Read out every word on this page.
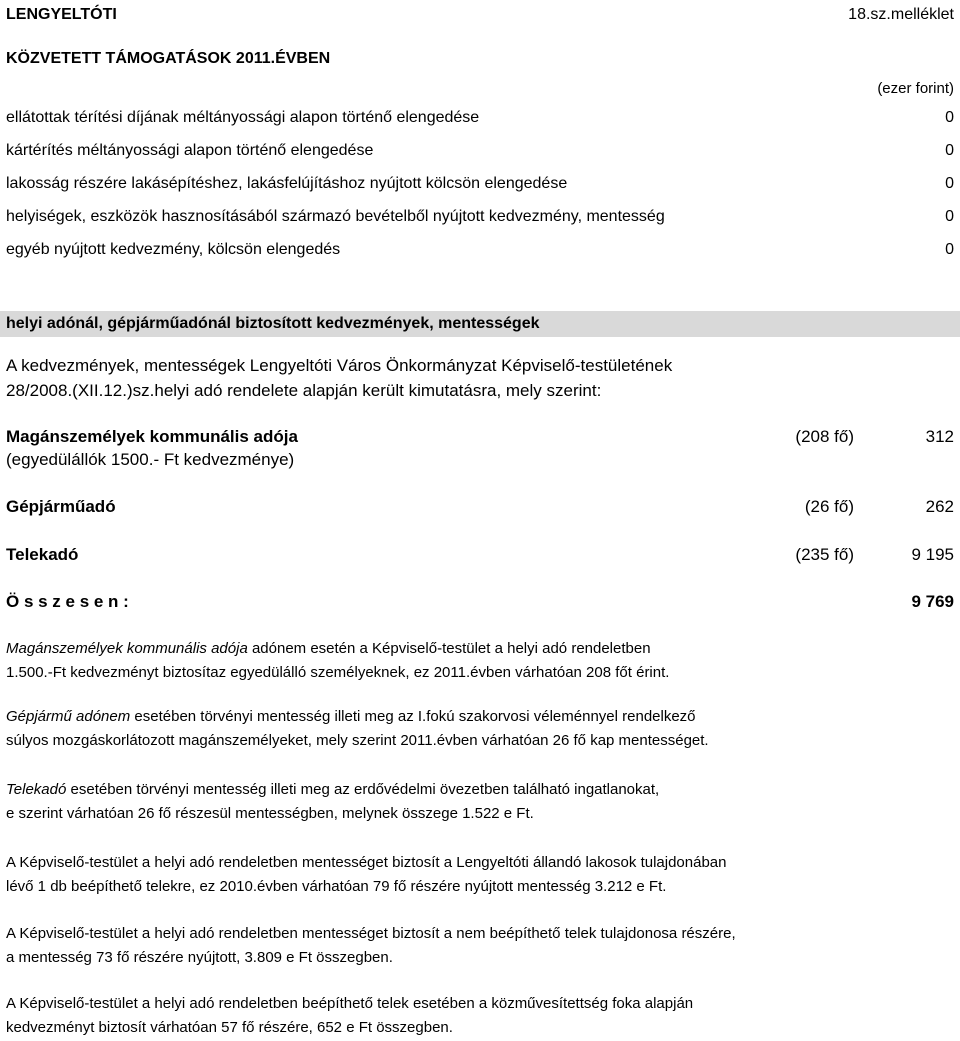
LENGYELTÓTI	18.sz.melléklet
KÖZVETETT TÁMOGATÁSOK 2011.ÉVBEN
(ezer forint)
ellátottak térítési díjának méltányossági alapon történő elengedése	0
kártérítés méltányossági alapon történő elengedése	0
lakosság részére lakásépítéshez, lakásfelújításhoz nyújtott kölcsön elengedése	0
helyiségek, eszközök hasznosításából származó bevételből nyújtott kedvezmény, mentesség	0
egyéb nyújtott kedvezmény, kölcsön elengedés	0
helyi adónál, gépjárműadónál biztosított kedvezmények, mentességek
A kedvezmények, mentességek Lengyeltóti Város Önkormányzat Képviselő-testületének
28/2008.(XII.12.)sz.helyi adó rendelete alapján került kimutatásra, mely szerint:
Magánszemélyek kommunális adója	(208 fő)	312
(egyedülállók 1500.- Ft kedvezménye)
Gépjárműadó	(26 fő)	262
Telekadó	(235 fő)	9 195
Ö s s z e s e n :	9 769
Magánszemélyek kommunális adója adónem esetén a Képviselő-testület a helyi adó rendeletben
1.500.-Ft kedvezményt biztosítaz egyedülálló személyeknek, ez 2011.évben várhatóan 208 főt érint.
Gépjármű adónem esetében törvényi mentesség illeti meg az I.fokú szakorvosi véleménnyel rendelkező
súlyos mozgáskorlátozott magánszemélyeket, mely szerint 2011.évben várhatóan 26 fő kap mentességet.
Telekadó esetében törvényi mentesség illeti meg az erdővédelmi övezetben található ingatlanokat,
e szerint várhatóan 26 fő részesül mentességben, melynek összege 1.522 e Ft.
A Képviselő-testület a helyi adó rendeletben mentességet biztosít a Lengyeltóti állandó lakosok tulajdonában
lévő 1 db beépíthető telekre, ez 2010.évben várhatóan 79 fő részére nyújtott mentesség 3.212 e Ft.
A Képviselő-testület a helyi adó rendeletben mentességet biztosít a nem beépíthető telek tulajdonosa részére,
a mentesség 73 fő részére nyújtott, 3.809 e Ft összegben.
A Képviselő-testület a helyi adó rendeletben beépíthető telek esetében a közművesítettség foka alapján
kedvezményt biztosít várhatóan 57 fő részére, 652 e Ft összegben.
